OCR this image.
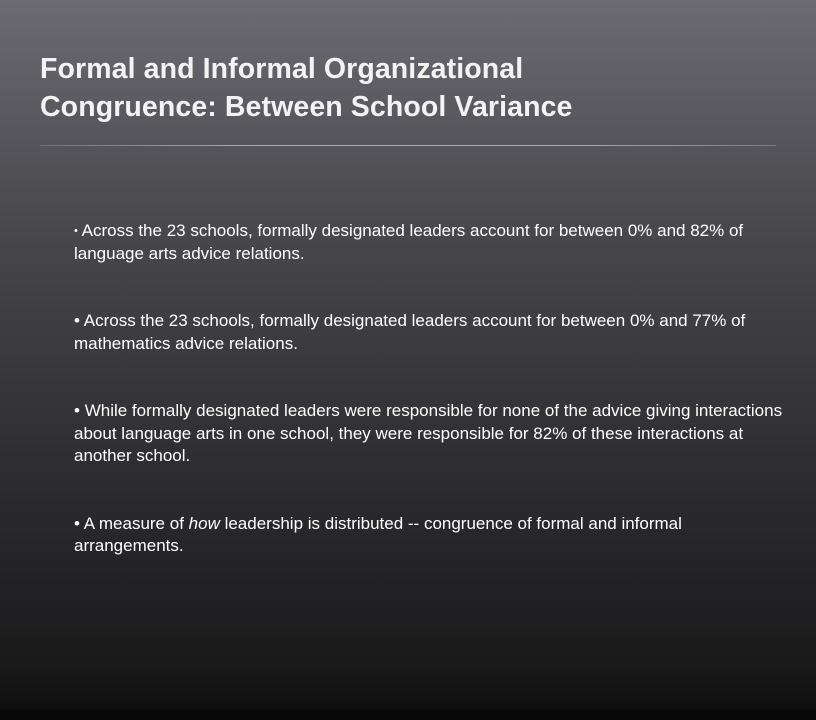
Formal and Informal Organizational
Congruence: Between School Variance
• Across the 23 schools, formally designated leaders account for between 0% and 82% of language arts advice relations.
• Across the 23 schools, formally designated leaders account for between 0% and 77% of mathematics advice relations.
• While formally designated leaders were responsible for none of the advice giving interactions about language arts in one school, they were responsible for 82% of these interactions at another school.
• A measure of how leadership is distributed -- congruence of formal and informal arrangements.
